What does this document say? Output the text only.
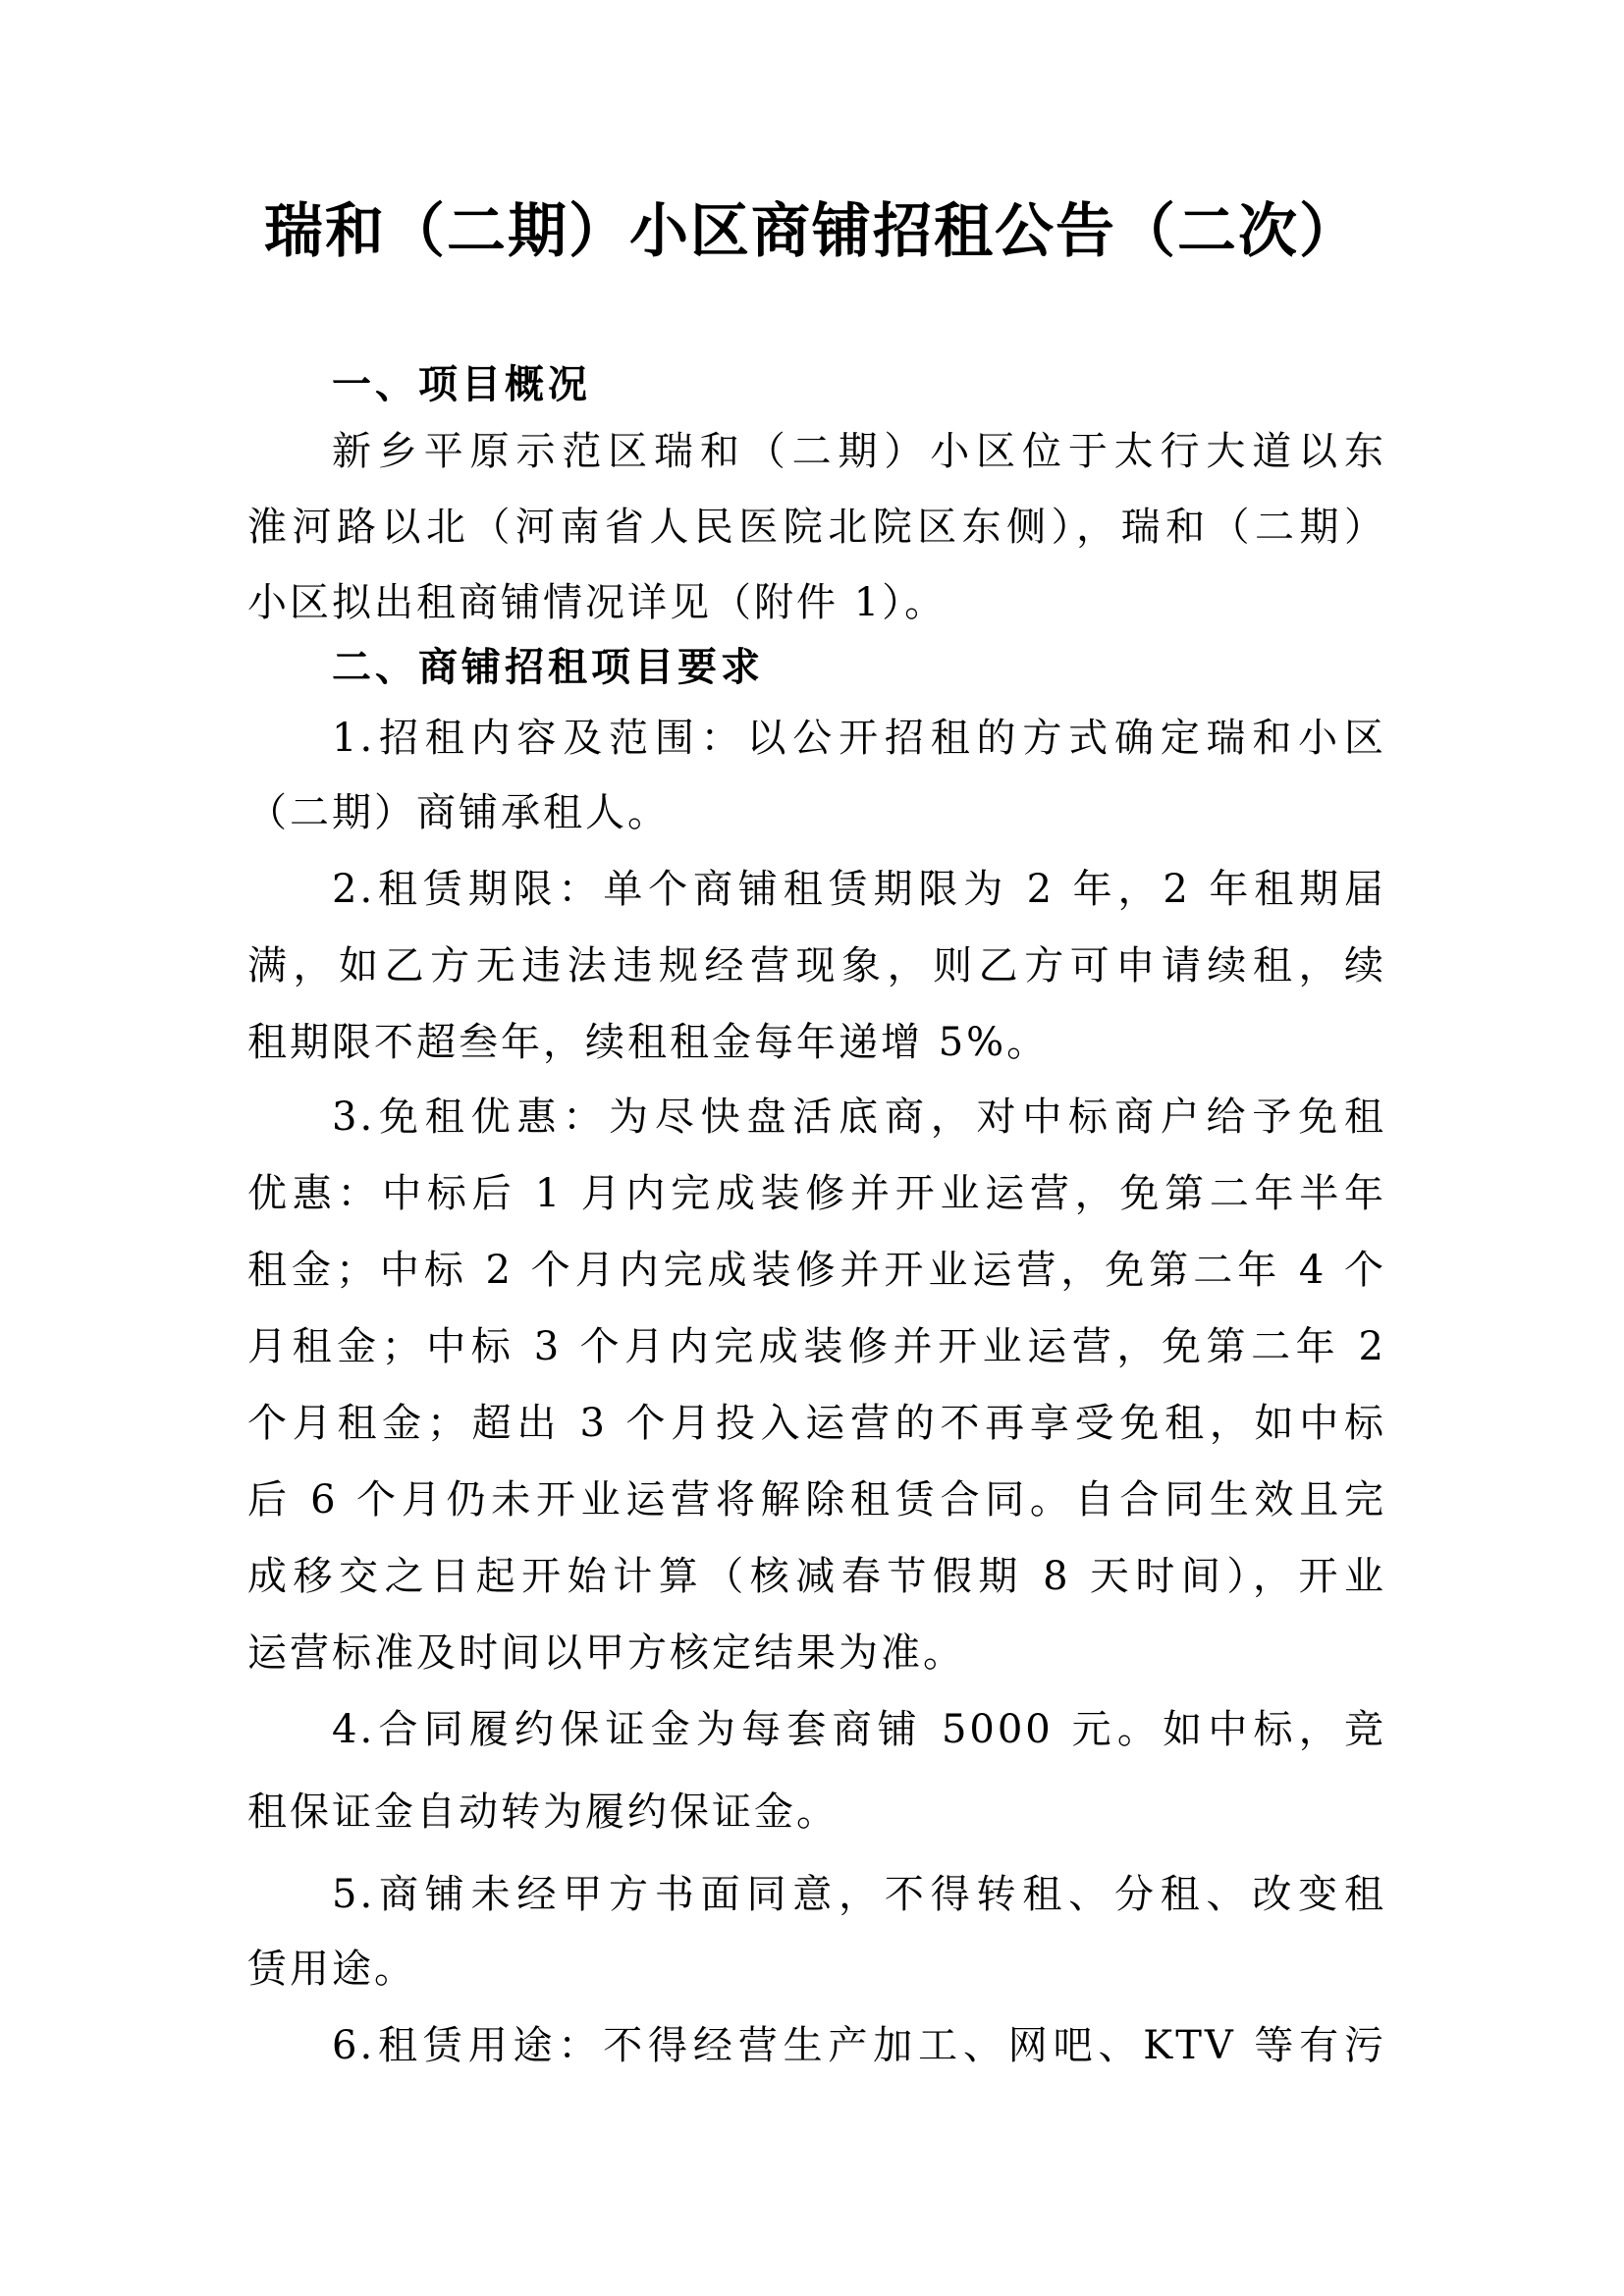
瑞和（二期）小区商铺招租公告（二次）
一、项目概况
新乡平原示范区瑞和（二期）小区位于太行大道以东
淮河路以北（河南省人民医院北院区东侧），瑞和（二期）
小区拟出租商铺情况详见（附件 1）。
二、商铺招租项目要求
1.招租内容及范围：以公开招租的方式确定瑞和小区
（二期）商铺承租人。
2.租赁期限：单个商铺租赁期限为 2 年，2 年租期届
满，如乙方无违法违规经营现象，则乙方可申请续租，续
租期限不超叁年，续租租金每年递增 5%。
3.免租优惠：为尽快盘活底商，对中标商户给予免租
优惠：中标后 1 月内完成装修并开业运营，免第二年半年
租金；中标 2 个月内完成装修并开业运营，免第二年 4 个
月租金；中标 3 个月内完成装修并开业运营，免第二年 2
个月租金；超出 3 个月投入运营的不再享受免租，如中标
后 6 个月仍未开业运营将解除租赁合同。自合同生效且完
成移交之日起开始计算（核减春节假期 8 天时间），开业
运营标准及时间以甲方核定结果为准。
4.合同履约保证金为每套商铺 5000 元。如中标，竞
租保证金自动转为履约保证金。
5.商铺未经甲方书面同意，不得转租、分租、改变租
赁用途。
6.租赁用途：不得经营生产加工、网吧、KTV 等有污
